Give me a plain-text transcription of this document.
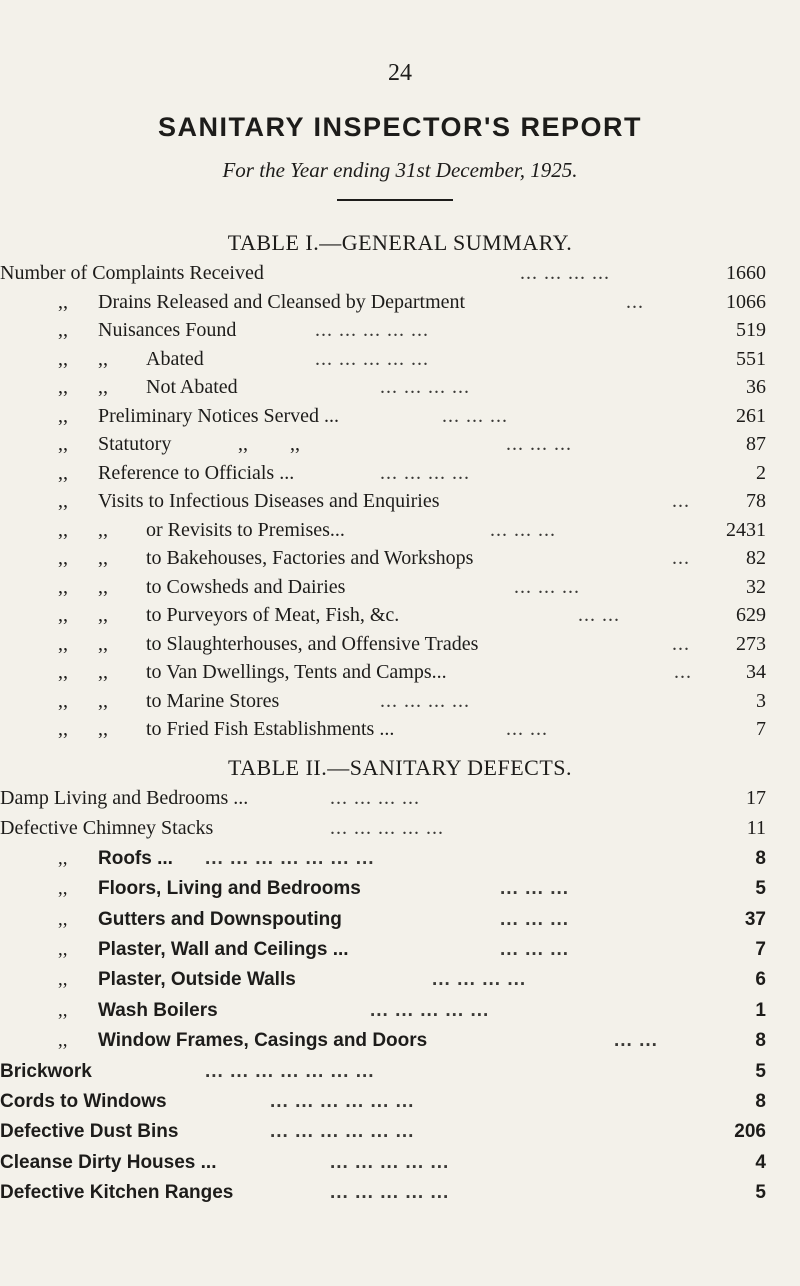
24
SANITARY INSPECTOR'S REPORT
For the Year ending 31st December, 1925.
TABLE I.—GENERAL SUMMARY.
Number of Complaints Received	... ... ... ...	1660
,, Drains Released and Cleansed by Department	...	1066
,, Nuisances Found	... ... ... ... ...	519
,, ,, Abated	... ... ... ... ...	551
,, ,, Not Abated	... ... ... ...	36
,, Preliminary Notices Served ...	... ... ...	261
,, Statutory	,, ,,	... ... ...	87
,, Reference to Officials ...	... ... ... ...	2
,, Visits to Infectious Diseases and Enquiries	...	78
,, ,, or Revisits to Premises...	... ... ...	2431
,, ,, to Bakehouses, Factories and Workshops	...	82
,, ,, to Cowsheds and Dairies	... ... ...	32
,, ,, to Purveyors of Meat, Fish, &c.	... ...	629
,, ,, to Slaughterhouses, and Offensive Trades	... 273
,, ,, to Van Dwellings, Tents and Camps...	...	34
,, ,, to Marine Stores	... ... ... ...	3
,, ,, to Fried Fish Establishments ...	... ...	7
TABLE II.—SANITARY DEFECTS.
Damp Living and Bedrooms ...	... ... ... ...	17
Defective Chimney Stacks	... ... ... ... ...	11
,, Roofs ... ... ... ... ... ... ... ...	8
,, Floors, Living and Bedrooms	... ... ...	5
,, Gutters and Downspouting	... ... ...	37
,, Plaster, Wall and Ceilings ...	... ... ...	7
,, Plaster, Outside Walls	... ... ... ...	6
,, Wash Boilers	... ... ... ... ...	1
,, Window Frames, Casings and Doors	... ...	8
Brickwork	... ... ... ... ... ... ...	5
Cords to Windows	... ... ... ... ... ...	8
Defective Dust Bins	... ... ... ... ... ...	206
Cleanse Dirty Houses ...	... ... ... ... ...	4
Defective Kitchen Ranges	... ... ... ... ...	5
